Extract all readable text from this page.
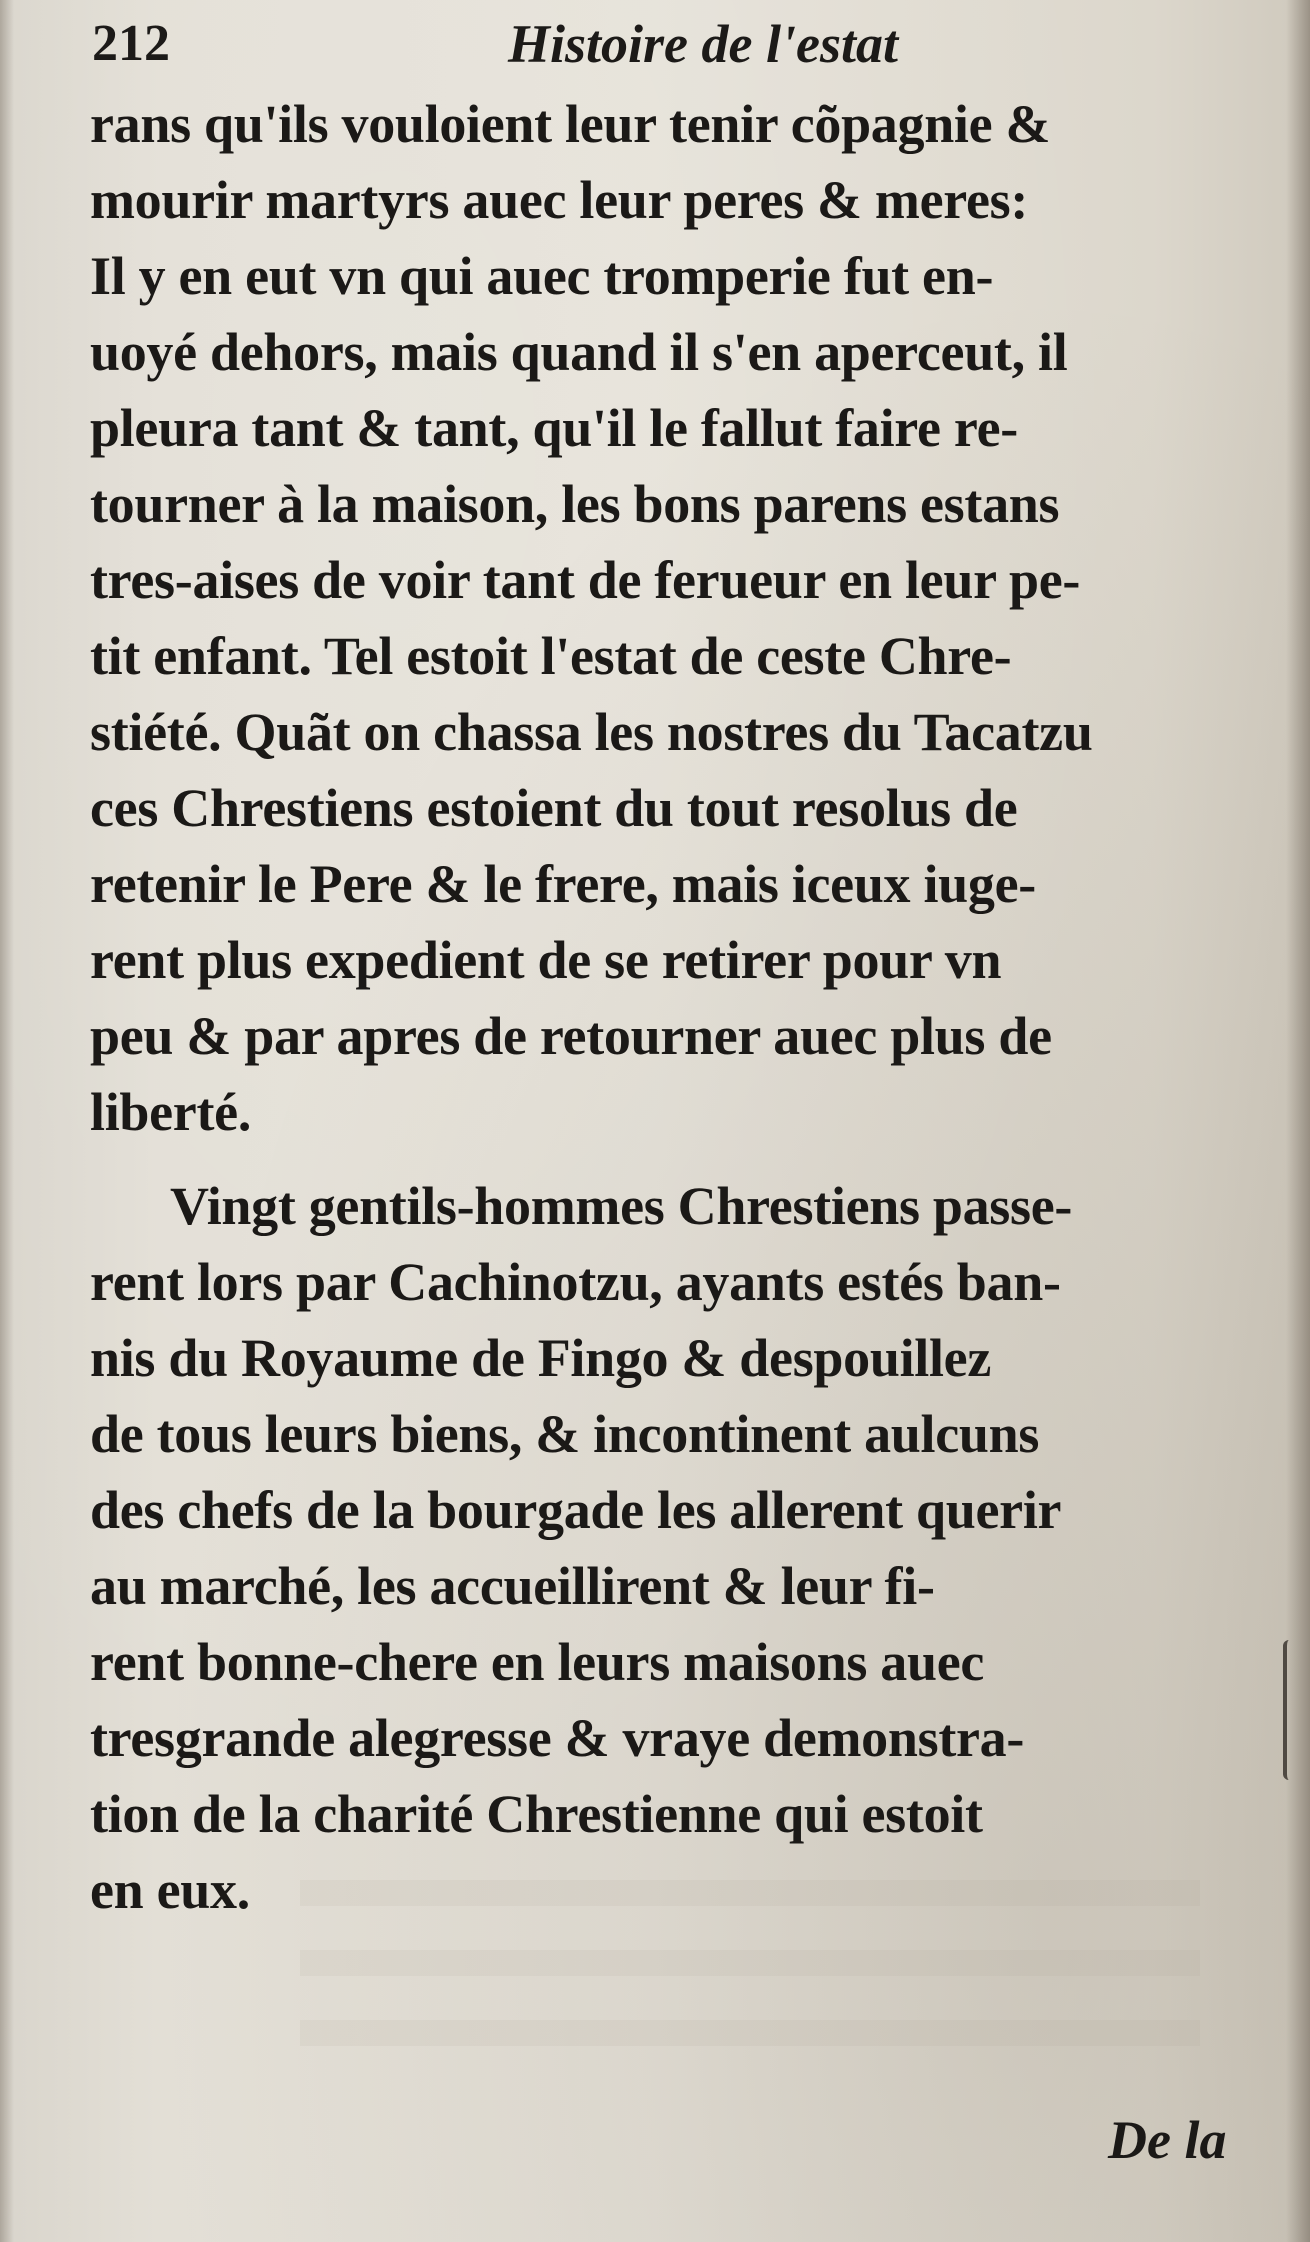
212	Histoire de l'estat
rans qu'ils vouloient leur tenir cõpagnie &
mourir martyrs auec leur peres & meres:
Il y en eut vn qui auec tromperie fut en-
uoyé dehors, mais quand il s'en aperceut, il
pleura tant & tant, qu'il le fallut faire re-
tourner à la maison, les bons parens estans
tres-aises de voir tant de ferueur en leur pe-
tit enfant. Tel estoit l'estat de ceste Chre-
stiété. Quãt on chassa les nostres du Tacatzu
ces Chrestiens estoient du tout resolus de
retenir le Pere & le frere, mais iceux iuge-
rent plus expedient de se retirer pour vn
peu & par apres de retourner auec plus de
liberté.
Vingt gentils-hommes Chrestiens passe-
rent lors par Cachinotzu, ayants estés ban-
nis du Royaume de Fingo & despouillez
de tous leurs biens, & incontinent aulcuns
des chefs de la bourgade les allerent querir
au marché, les accueillirent & leur fi-
rent bonne-chere en leurs maisons auec
tresgrande alegresse & vraye demonstra-
tion de la charité Chrestienne qui estoit
en eux.
De la
